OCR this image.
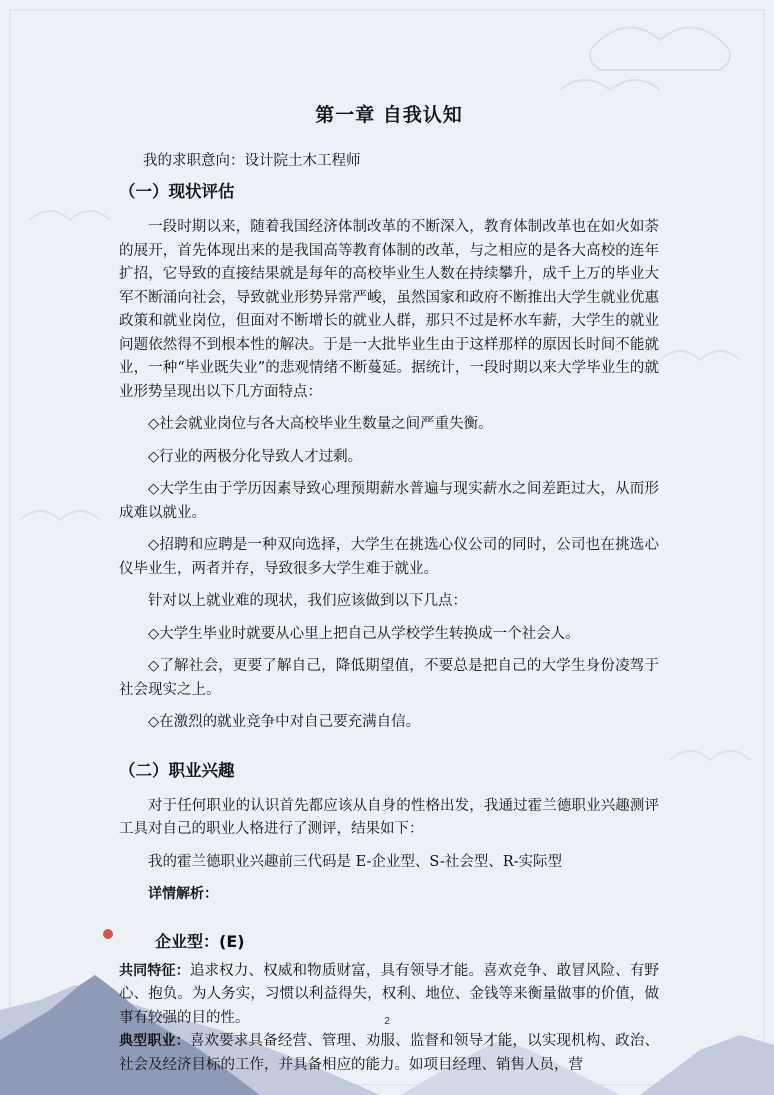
第一章 自我认知
我的求职意向：设计院土木工程师
（一）现状评估

一段时期以来，随着我国经济体制改革的不断深入，教育体制改革也在如火如荼的展开，首先体现出来的是我国高等教育体制的改革，与之相应的是各大高校的连年扩招，它导致的直接结果就是每年的高校毕业生人数在持续攀升，成千上万的毕业大军不断涌向社会，导致就业形势异常严峻，虽然国家和政府不断推出大学生就业优惠政策和就业岗位，但面对不断增长的就业人群，那只不过是杯水车薪，大学生的就业问题依然得不到根本性的解决。于是一大批毕业生由于这样那样的原因长时间不能就业，一种“毕业既失业”的悲观情绪不断蔓延。据统计，一段时期以来大学毕业生的就业形势呈现出以下几方面特点：

◇社会就业岗位与各大高校毕业生数量之间严重失衡。

◇行业的两极分化导致人才过剩。

◇大学生由于学历因素导致心理预期薪水普遍与现实薪水之间差距过大，从而形成难以就业。

◇招聘和应聘是一种双向选择，大学生在挑选心仪公司的同时，公司也在挑选心仪毕业生，两者并存，导致很多大学生难于就业。

针对以上就业难的现状，我们应该做到以下几点：

◇大学生毕业时就要从心里上把自己从学校学生转换成一个社会人。

◇了解社会，更要了解自己，降低期望值，不要总是把自己的大学生身份凌驾于社会现实之上。

◇在激烈的就业竞争中对自己要充满自信。

（二）职业兴趣

对于任何职业的认识首先都应该从自身的性格出发，我通过霍兰德职业兴趣测评工具对自己的职业人格进行了测评，结果如下：

我的霍兰德职业兴趣前三代码是 E-企业型、S-社会型、R-实际型

详情解析：

企业型：(E)

共同特征：追求权力、权威和物质财富，具有领导才能。喜欢竞争、敢冒风险、有野心、抱负。为人务实，习惯以利益得失，权利、地位、金钱等来衡量做事的价值，做事有较强的目的性。

典型职业：喜欢要求具备经营、管理、劝服、监督和领导才能，以实现机构、政治、社会及经济目标的工作，并具备相应的能力。如项目经理、销售人员，营

2
